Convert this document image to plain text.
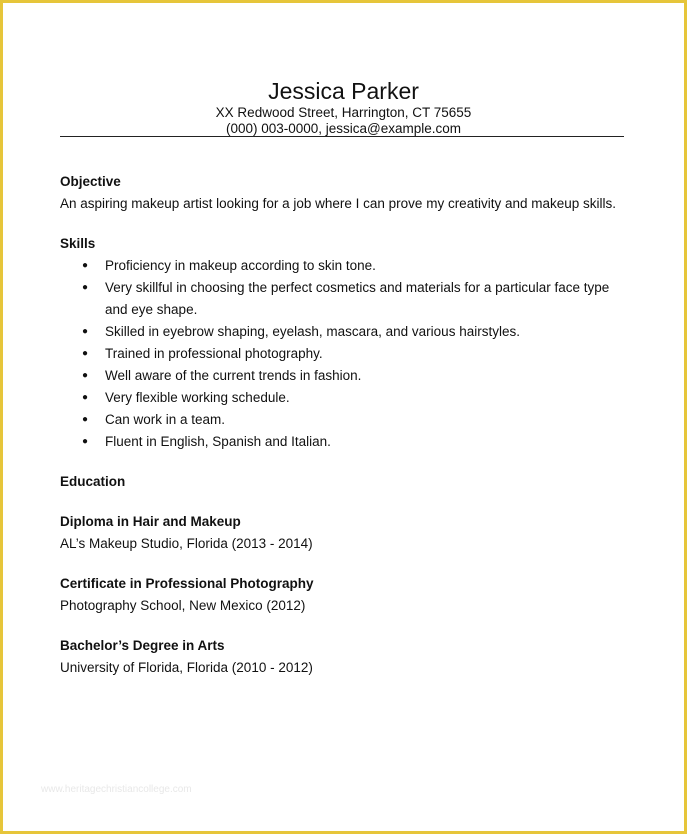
Jessica Parker
XX Redwood Street, Harrington, CT 75655
(000) 003-0000, jessica@example.com

Objective

An aspiring makeup artist looking for a job where I can prove my creativity and makeup skills.

Skills

● Proficiency in makeup according to skin tone.
● Very skillful in choosing the perfect cosmetics and materials for a particular face type and eye shape.
● Skilled in eyebrow shaping, eyelash, mascara, and various hairstyles.
● Trained in professional photography.
● Well aware of the current trends in fashion.
● Very flexible working schedule.
● Can work in a team.
● Fluent in English, Spanish and Italian.

Education

Diploma in Hair and Makeup

AL’s Makeup Studio, Florida (2013 - 2014)

Certificate in Professional Photography

Photography School, New Mexico (2012)

Bachelor’s Degree in Arts

University of Florida, Florida (2010 - 2012)

www.heritagechristiancollege.com
